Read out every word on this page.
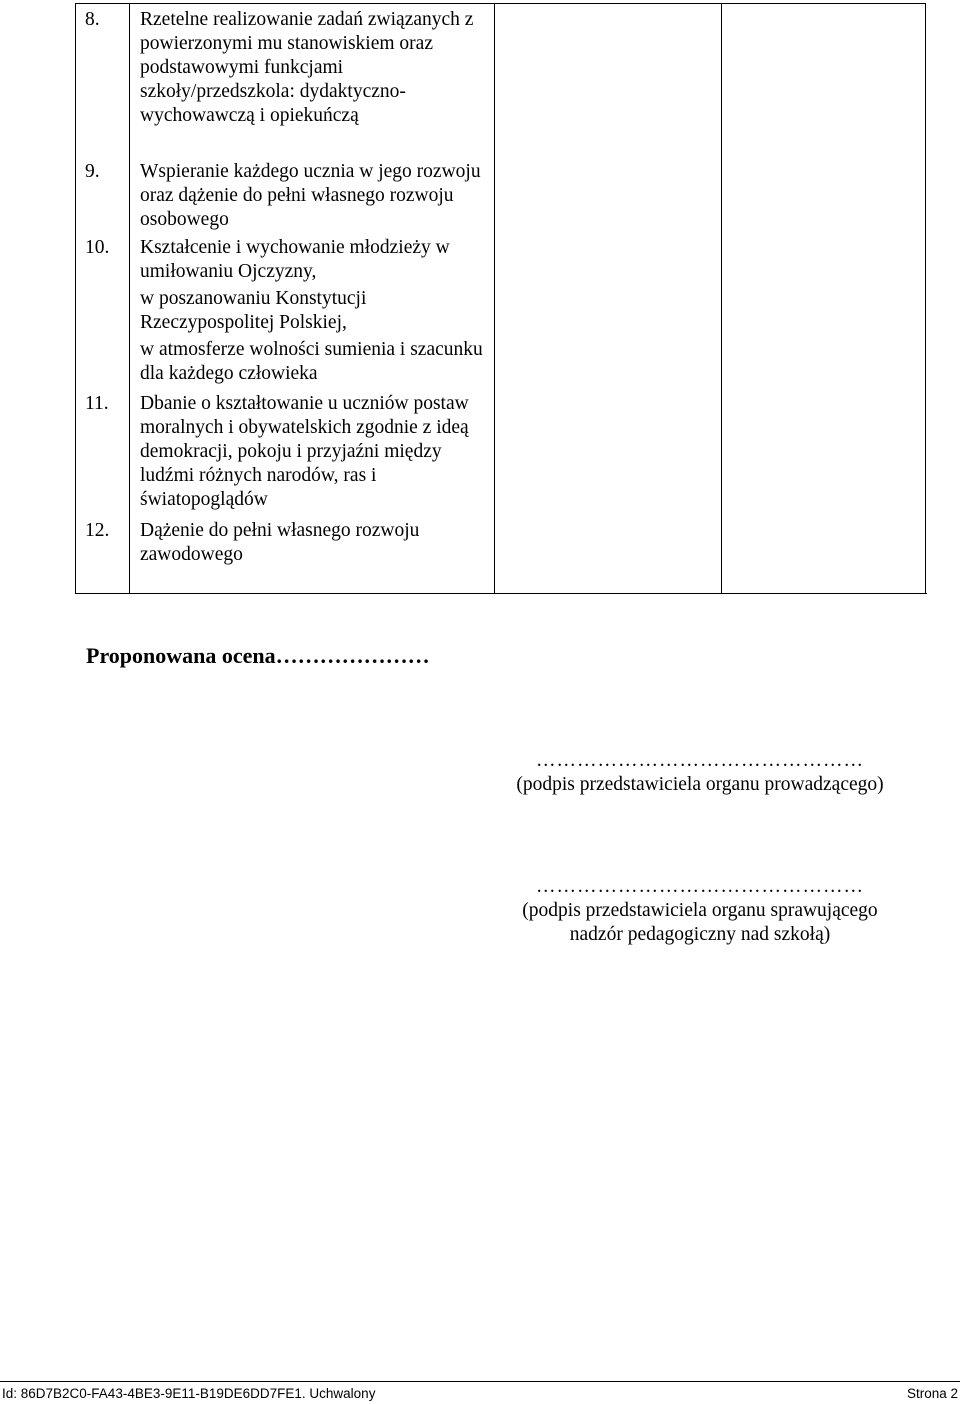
8. Rzetelne realizowanie zadań związanych z powierzonymi mu stanowiskiem oraz podstawowymi funkcjami szkoły/przedszkola: dydaktyczno-wychowawczą i opiekuńczą

9. Wspieranie każdego ucznia w jego rozwoju oraz dążenie do pełni własnego rozwoju osobowego

10. Kształcenie i wychowanie młodzieży w umiłowaniu Ojczyzny,

w poszanowaniu Konstytucji Rzeczypospolitej Polskiej,

w atmosferze wolności sumienia i szacunku dla każdego człowieka

11. Dbanie o kształtowanie u uczniów postaw moralnych i obywatelskich zgodnie z ideą demokracji, pokoju i przyjaźni między ludźmi różnych narodów, ras i światopoglądów

12. Dążenie do pełni własnego rozwoju zawodowego

Proponowana ocena…………………
…………………………………………
(podpis przedstawiciela organu prowadzącego)
…………………………………………
(podpis przedstawiciela organu sprawującego
nadzór pedagogiczny nad szkołą)
Id: 86D7B2C0-FA43-4BE3-9E11-B19DE6DD7FE1. Uchwalony	Strona 2
